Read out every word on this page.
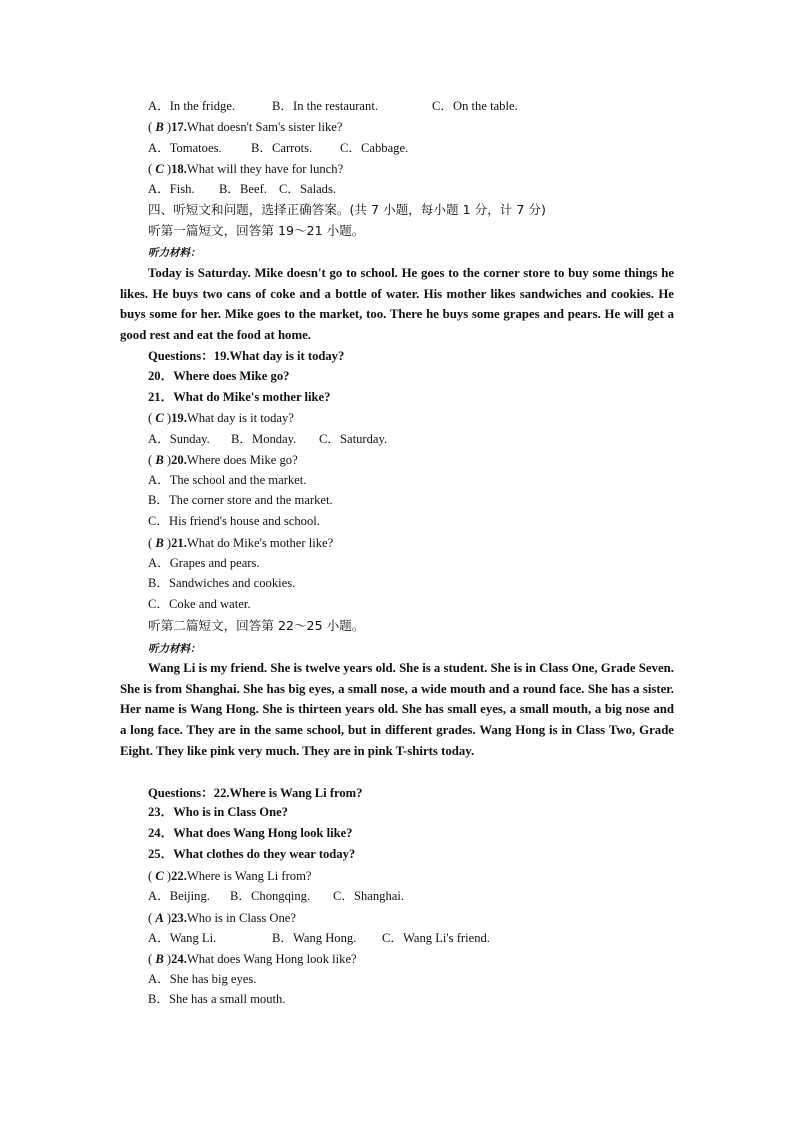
A．In the fridge.	B．In the restaurant.	C．On the table.
( B )17.What doesn't Sam's sister like?
A．Tomatoes. B．Carrots. C．Cabbage.
( C )18.What will they have for lunch?
A．Fish. B．Beef. C．Salads.
四、听短文和问题，选择正确答案。(共 7 小题，每小题 1 分，计 7 分)
听第一篇短文，回答第 19～21 小题。
听力材料：
Today is Saturday. Mike doesn't go to school. He goes to the corner store to buy some things he likes. He buys two cans of coke and a bottle of water. His mother likes sandwiches and cookies. He buys some for her. Mike goes to the market, too. There he buys some grapes and pears. He will get a good rest and eat the food at home.
Questions：19.What day is it today?
20．Where does Mike go?
21．What do Mike's mother like?
( C )19.What day is it today?
A．Sunday. B．Monday. C．Saturday.
( B )20.Where does Mike go?
A．The school and the market.
B．The corner store and the market.
C．His friend's house and school.
( B )21.What do Mike's mother like?
A．Grapes and pears.
B．Sandwiches and cookies.
C．Coke and water.
听第二篇短文，回答第 22～25 小题。
听力材料：
Wang Li is my friend. She is twelve years old. She is a student. She is in Class One, Grade Seven. She is from Shanghai. She has big eyes, a small nose, a wide mouth and a round face. She has a sister. Her name is Wang Hong. She is thirteen years old. She has small eyes, a small mouth, a big nose and a long face. They are in the same school, but in different grades. Wang Hong is in Class Two, Grade Eight. They like pink very much. They are in pink T-shirts today.
Questions：22.Where is Wang Li from?
23．Who is in Class One?
24．What does Wang Hong look like?
25．What clothes do they wear today?
( C )22.Where is Wang Li from?
A．Beijing. B．Chongqing. C．Shanghai.
( A )23.Who is in Class One?
A．Wang Li.	B．Wang Hong. C．Wang Li's friend.
( B )24.What does Wang Hong look like?
A．She has big eyes.
B．She has a small mouth.
